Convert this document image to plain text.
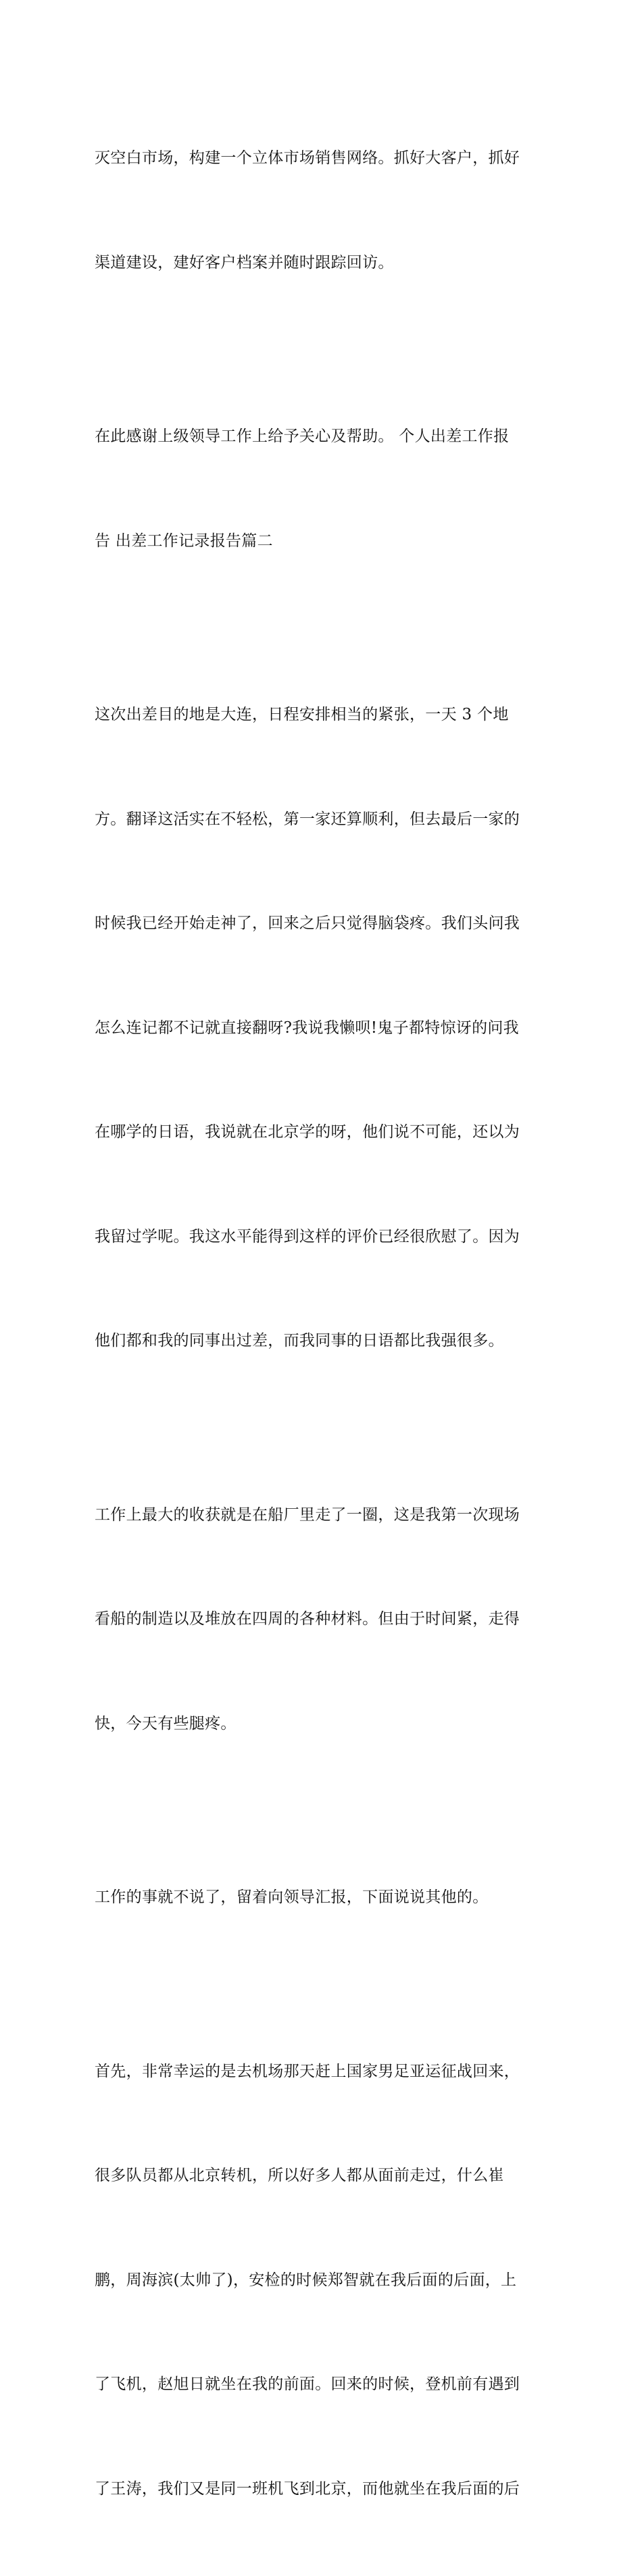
灭空白市场，构建一个立体市场销售网络。抓好大客户，抓好

渠道建设，建好客户档案并随时跟踪回访。

在此感谢上级领导工作上给予关心及帮助。 个人出差工作报

告 出差工作记录报告篇二

这次出差目的地是大连，日程安排相当的紧张，一天 3 个地

方。翻译这活实在不轻松，第一家还算顺利，但去最后一家的

时候我已经开始走神了，回来之后只觉得脑袋疼。我们头问我

怎么连记都不记就直接翻呀?我说我懒呗!鬼子都特惊讶的问我

在哪学的日语，我说就在北京学的呀，他们说不可能，还以为

我留过学呢。我这水平能得到这样的评价已经很欣慰了。因为

他们都和我的同事出过差，而我同事的日语都比我强很多。

工作上最大的收获就是在船厂里走了一圈，这是我第一次现场

看船的制造以及堆放在四周的各种材料。但由于时间紧，走得

快，今天有些腿疼。

工作的事就不说了，留着向领导汇报，下面说说其他的。

首先，非常幸运的是去机场那天赶上国家男足亚运征战回来，

很多队员都从北京转机，所以好多人都从面前走过，什么崔

鹏，周海滨(太帅了)，安检的时候郑智就在我后面的后面，上

了飞机，赵旭日就坐在我的前面。回来的时候，登机前有遇到

了王涛，我们又是同一班机飞到北京，而他就坐在我后面的后
